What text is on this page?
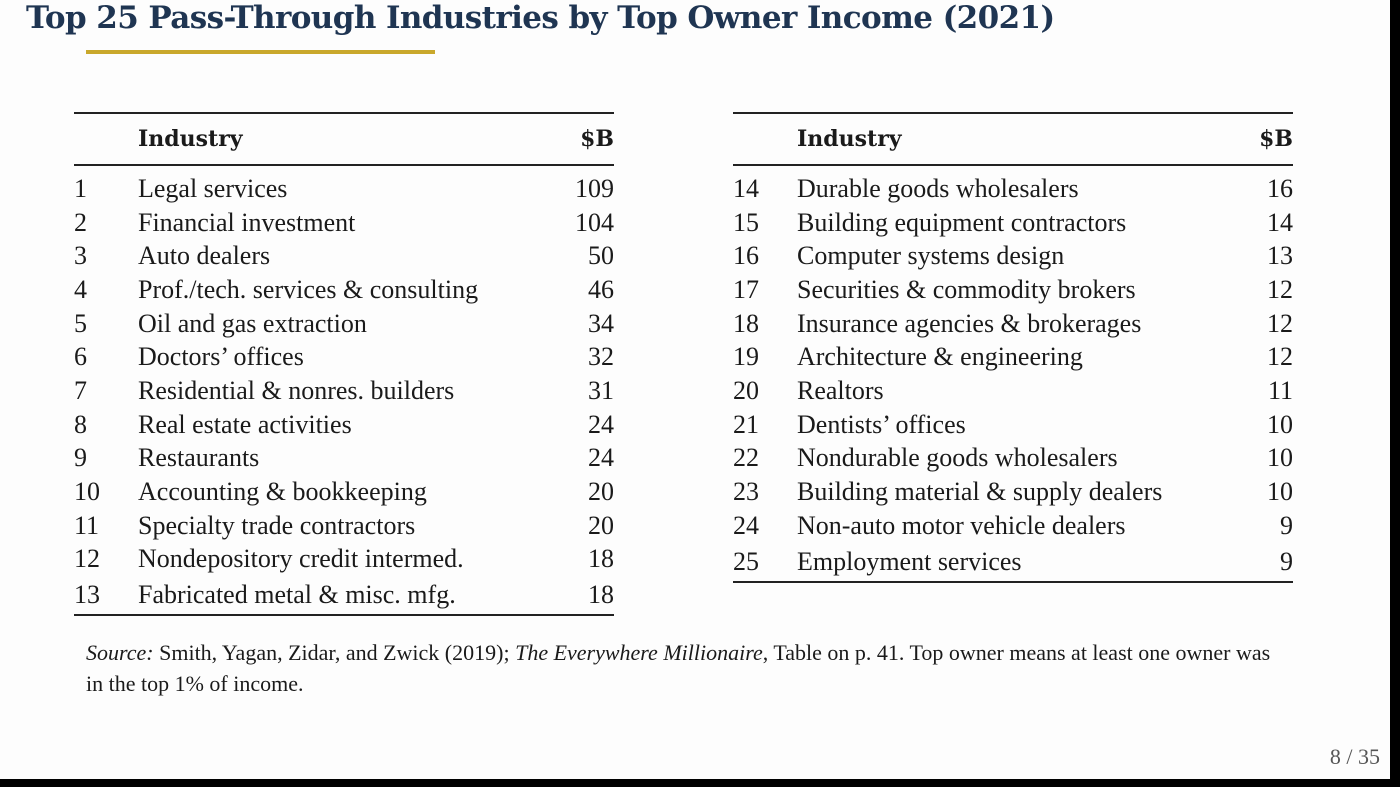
Top 25 Pass-Through Industries by Top Owner Income (2021)
	Industry	$B
1	Legal services	109
2	Financial investment	104
3	Auto dealers	50
4	Prof./tech. services & consulting	46
5	Oil and gas extraction	34
6	Doctors’ offices	32
7	Residential & nonres. builders	31
8	Real estate activities	24
9	Restaurants	24
10	Accounting & bookkeeping	20
11	Specialty trade contractors	20
12	Nondepository credit intermed.	18
13	Fabricated metal & misc. mfg.	18
	Industry	$B
14	Durable goods wholesalers	16
15	Building equipment contractors	14
16	Computer systems design	13
17	Securities & commodity brokers	12
18	Insurance agencies & brokerages	12
19	Architecture & engineering	12
20	Realtors	11
21	Dentists’ offices	10
22	Nondurable goods wholesalers	10
23	Building material & supply dealers	10
24	Non-auto motor vehicle dealers	9
25	Employment services	9

Source: Smith, Yagan, Zidar, and Zwick (2019); The Everywhere Millionaire, Table on p. 41. Top owner means at least one owner was in the top 1% of income.

8 / 35
